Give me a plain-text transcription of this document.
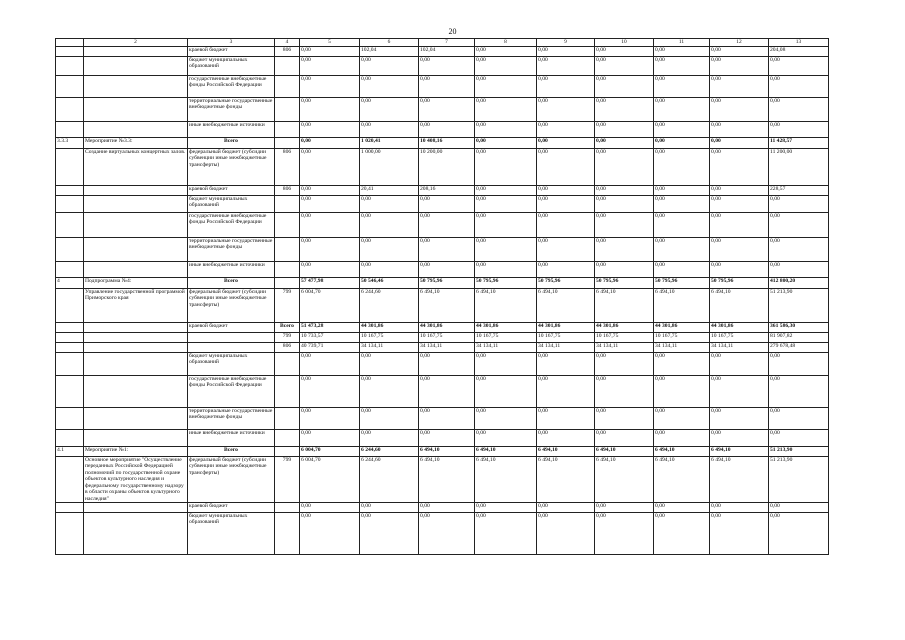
20
	2	3	4	5	6	7	8	9	10	11	12	13
		краевой бюджет	806	0,00	102,04	102,04	0,00	0,00	0,00	0,00	0,00	204,08
		бюджет муниципальных образований		0,00	0,00	0,00	0,00	0,00	0,00	0,00	0,00	0,00
		государственные внебюджетные фонды Российской Федерации		0,00	0,00	0,00	0,00	0,00	0,00	0,00	0,00	0,00
		территориальные государственные внебюджетные фонды		0,00	0,00	0,00	0,00	0,00	0,00	0,00	0,00	0,00
		иные внебюджетные источники		0,00	0,00	0,00	0,00	0,00	0,00	0,00	0,00	0,00
3.3.3	Мероприятие №3.3:	Всего		0,00	1 020,41	10 408,16	0,00	0,00	0,00	0,00	0,00	11 428,57
	Создание виртуальных концертных залов.	федеральный бюджет (субсидии субвенции иные межбюджетные трансферты)	806	0,00	1 000,00	10 200,00	0,00	0,00	0,00	0,00	0,00	11 200,00
		краевой бюджет	806	0,00	20,41	208,16	0,00	0,00	0,00	0,00	0,00	228,57
		бюджет муниципальных образований		0,00	0,00	0,00	0,00	0,00	0,00	0,00	0,00	0,00
		государственные внебюджетные фонды Российской Федерации		0,00	0,00	0,00	0,00	0,00	0,00	0,00	0,00	0,00
		территориальные государственные внебюджетные фонды		0,00	0,00	0,00	0,00	0,00	0,00	0,00	0,00	0,00
		иные внебюджетные источники		0,00	0,00	0,00	0,00	0,00	0,00	0,00	0,00	0,00
4	Подпрограмма №4:	Всего		57 477,98	50 546,46	50 795,96	50 795,96	50 795,96	50 795,96	50 795,96	50 795,96	412 800,20
	Управление государственной программой Приморского края	федеральный бюджет (субсидии субвенции иные межбюджетные трансферты)	799	6 004,70	6 244,60	6 494,10	6 494,10	6 494,10	6 494,10	6 494,10	6 494,10	51 213,90
		краевой бюджет	Всего	51 473,28	44 301,86	44 301,86	44 301,86	44 301,86	44 301,86	44 301,86	44 301,86	361 586,30
			799	10 733,57	10 167,75	10 167,75	10 167,75	10 167,75	10 167,75	10 167,75	10 167,75	81 907,82
			806	40 739,71	34 134,11	34 134,11	34 134,11	34 134,11	34 134,11	34 134,11	34 134,11	279 678,48
		бюджет муниципальных образований		0,00	0,00	0,00	0,00	0,00	0,00	0,00	0,00	0,00
		государственные внебюджетные фонды Российской Федерации		0,00	0,00	0,00	0,00	0,00	0,00	0,00	0,00	0,00
		территориальные государственные внебюджетные фонды		0,00	0,00	0,00	0,00	0,00	0,00	0,00	0,00	0,00
		иные внебюджетные источники		0,00	0,00	0,00	0,00	0,00	0,00	0,00	0,00	0,00
4.1	Мероприятие №1:	Всего		6 004,70	6 244,60	6 494,10	6 494,10	6 494,10	6 494,10	6 494,10	6 494,10	51 213,90
	Основное мероприятие "Осуществление переданных Российской Федерацией полномочий по государственной охране объектов культурного наследия и федеральному государственному надзору в области охраны объектов культурного наследия"	федеральный бюджет (субсидии субвенции иные межбюджетные трансферты)	799	6 004,70	6 244,60	6 494,10	6 494,10	6 494,10	6 494,10	6 494,10	6 494,10	51 213,90
		краевой бюджет		0,00	0,00	0,00	0,00	0,00	0,00	0,00	0,00	0,00
		бюджет муниципальных образований		0,00	0,00	0,00	0,00	0,00	0,00	0,00	0,00	0,00
